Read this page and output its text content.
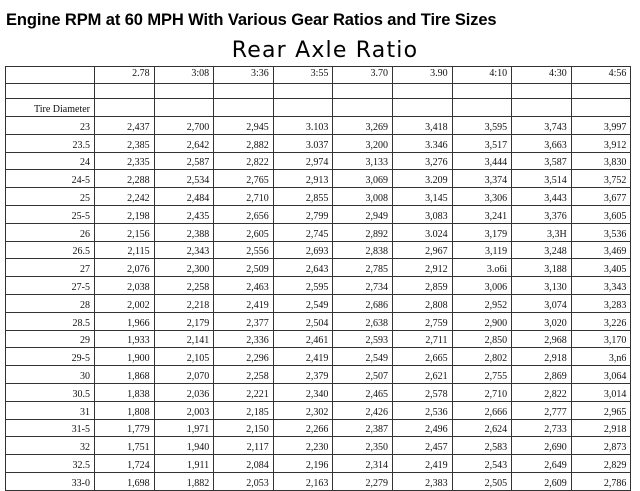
Engine RPM at 60 MPH With Various Gear Ratios and Tire Sizes
Rear Axle Ratio
	2.78	3:08	3:36	3:55	3.70	3.90	4:10	4:30	4:56

Tire Diameter									
23	2,437	2,700	2,945	3.103	3,269	3,418	3,595	3,743	3,997
23.5	2,385	2,642	2,882	3.037	3,200	3.346	3,517	3,663	3,912
24	2,335	2,587	2,822	2,974	3,133	3,276	3,444	3,587	3,830
24-5	2,288	2,534	2,765	2,913	3,069	3.209	3,374	3,514	3,752
25	2,242	2,484	2,710	2,855	3,008	3,145	3,306	3,443	3,677
25-5	2,198	2,435	2,656	2,799	2,949	3,083	3,241	3,376	3,605
26	2,156	2,388	2,605	2,745	2,892	3.024	3,179	3,3H	3,536
26.5	2,115	2,343	2,556	2,693	2,838	2,967	3,119	3,248	3,469
27	2,076	2,300	2,509	2,643	2,785	2,912	3.o6i	3,188	3,405
27-5	2,038	2,258	2,463	2,595	2,734	2,859	3,006	3,130	3,343
28	2,002	2,218	2,419	2,549	2,686	2,808	2,952	3,074	3,283
28.5	1,966	2,179	2,377	2,504	2,638	2,759	2,900	3,020	3,226
29	1,933	2,141	2,336	2,461	2,593	2,711	2,850	2,968	3,170
29-5	1,900	2,105	2,296	2,419	2,549	2,665	2,802	2,918	3,n6
30	1,868	2,070	2,258	2,379	2,507	2,621	2,755	2,869	3,064
30.5	1,838	2,036	2,221	2,340	2,465	2,578	2,710	2,822	3,014
31	1,808	2,003	2,185	2,302	2,426	2,536	2,666	2,777	2,965
31-5	1,779	1,971	2,150	2,266	2,387	2,496	2,624	2,733	2,918
32	1,751	1,940	2,117	2,230	2,350	2,457	2,583	2,690	2,873
32.5	1,724	1,911	2,084	2,196	2,314	2,419	2,543	2,649	2,829
33-0	1,698	1,882	2,053	2,163	2,279	2,383	2,505	2,609	2,786
